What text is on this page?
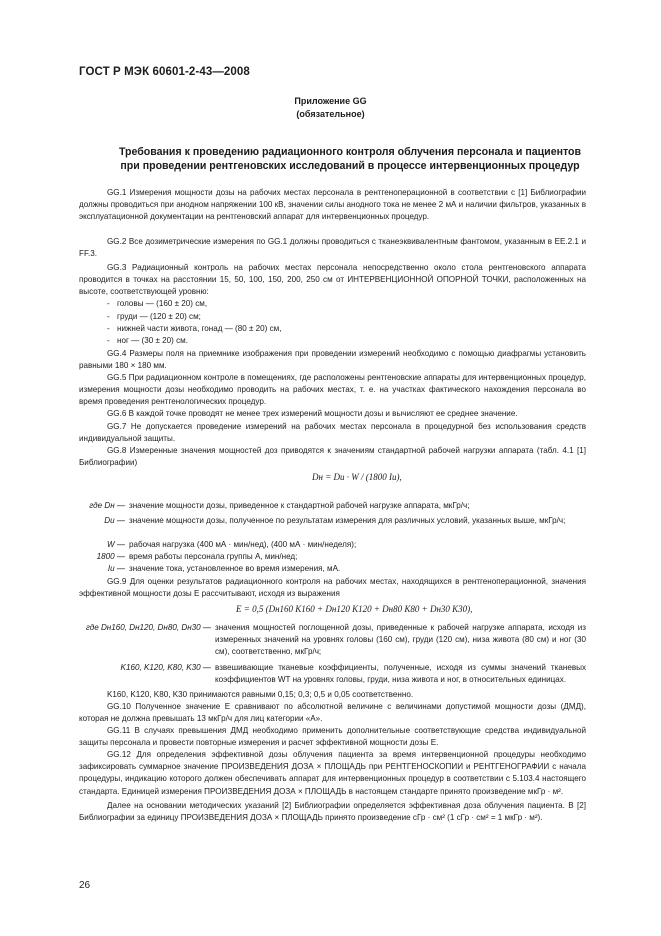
ГОСТ Р МЭК 60601-2-43—2008
Приложение GG
(обязательное)
Требования к проведению радиационного контроля облучения персонала и пациентов
при проведении рентгеновских исследований в процессе интервенционных процедур
GG.1 Измерения мощности дозы на рабочих местах персонала в рентгеноперационной в соответствии с [1] Библиографии должны проводиться при анодном напряжении 100 кВ, значении силы анодного тока не менее 2 мА и наличии фильтров, указанных в эксплуатационной документации на рентгеновский аппарат для интервенционных процедур.
GG.2 Все дозиметрические измерения по GG.1 должны проводиться с тканеэквивалентным фантомом, указанным в ЕЕ.2.1 и FF.3.
GG.3 Радиационный контроль на рабочих местах персонала непосредственно около стола рентгеновского аппарата проводится в точках на расстоянии 15, 50, 100, 150, 200, 250 см от ИНТЕРВЕНЦИОННОЙ ОПОРНОЙ ТОЧКИ, расположенных на высоте, соответствующей уровню:
- головы — (160 ± 20) см,
- груди — (120 ± 20) см;
- нижней части живота, гонад — (80 ± 20) см,
- ног — (30 ± 20) см.
GG.4 Размеры поля на приемнике изображения при проведении измерений необходимо с помощью диафрагмы установить равными 180 × 180 мм.
GG.5 При радиационном контроле в помещениях, где расположены рентгеновские аппараты для интервенционных процедур, измерения мощности дозы необходимо проводить на рабочих местах, т. е. на участках фактического нахождения персонала во время проведения рентгенологических процедур.
GG.6 В каждой точке проводят не менее трех измерений мощности дозы и вычисляют ее среднее значение.
GG.7 Не допускается проведение измерений на рабочих местах персонала в процедурной без использования средств индивидуальной защиты.
GG.8 Измеренные значения мощностей доз приводятся к значениям стандартной рабочей нагрузки аппарата (табл. 4.1 [1] Библиографии)
Dн = Dи · W / (1800 Iи),
где Dн — значение мощности дозы, приведенное к стандартной рабочей нагрузке аппарата, мкГр/ч;
Dи — значение мощности дозы, полученное по результатам измерения для различных условий, указанных выше, мкГр/ч;
W — рабочая нагрузка (400 мА · мин/нед), (400 мА · мин/неделя);
1800 — время работы персонала группы А, мин/нед;
Iи — значение тока, установленное во время измерения, мА.
GG.9 Для оценки результатов радиационного контроля на рабочих местах, находящихся в рентгеноперационной, значения эффективной мощности дозы E рассчитывают, исходя из выражения
E = 0,5 (Dн160 K160 + Dн120 K120 + Dн80 K80 + Dн30 K30),
где Dн160, Dн120, Dн80, Dн30 — значения мощностей поглощенной дозы, приведенные к рабочей нагрузке аппарата, исходя из измеренных значений на уровнях головы (160 см), груди (120 см), низа живота (80 см) и ног (30 см), соответственно, мкГр/ч;
K160, K120, K80, K30 — взвешивающие тканевые коэффициенты, полученные, исходя из суммы значений тканевых коэффициентов WT на уровнях головы, груди, низа живота и ног, в относительных единицах.
K160, K120, K80, K30 принимаются равными 0,15; 0,3; 0,5 и 0,05 соответственно.
GG.10 Полученное значение E сравнивают по абсолютной величине с величинами допустимой мощности дозы (ДМД), которая не должна превышать 13 мкГр/ч для лиц категории «А».
GG.11 В случаях превышения ДМД необходимо применить дополнительные соответствующие средства индивидуальной защиты персонала и провести повторные измерения и расчет эффективной мощности дозы E.
GG.12 Для определения эффективной дозы облучения пациента за время интервенционной процедуры необходимо зафиксировать суммарное значение ПРОИЗВЕДЕНИЯ ДОЗА × ПЛОЩАДЬ при РЕНТГЕНОСКОПИИ и РЕНТГЕНОГРАФИИ с начала процедуры, индикацию которого должен обеспечивать аппарат для интервенционных процедур в соответствии с 5.103.4 настоящего стандарта. Единицей измерения ПРОИЗВЕДЕНИЯ ДОЗА × ПЛОЩАДЬ в настоящем стандарте принято произведение мкГр · м².
Далее на основании методических указаний [2] Библиографии определяется эффективная доза облучения пациента. В [2] Библиографии за единицу ПРОИЗВЕДЕНИЯ ДОЗА × ПЛОЩАДЬ принято произведение сГр · см² (1 сГр · см² = 1 мкГр · м²).
26
